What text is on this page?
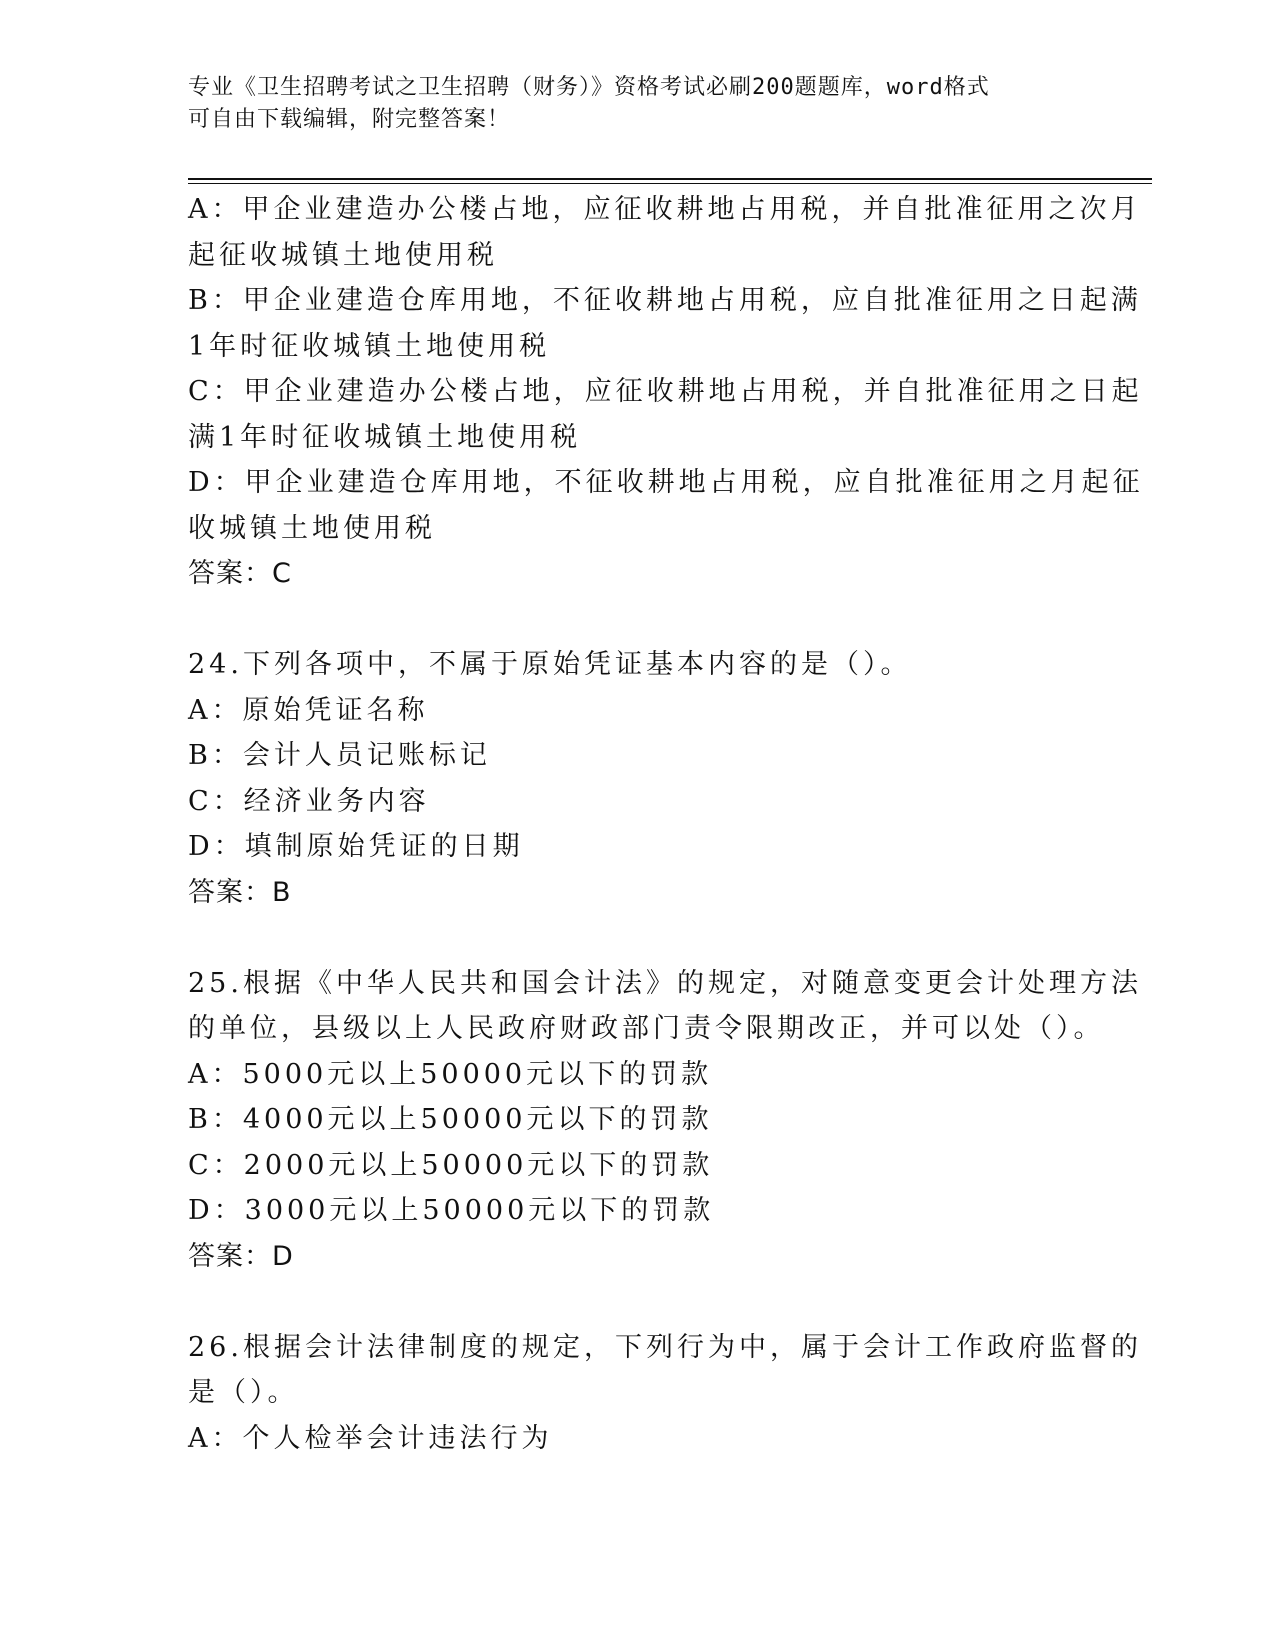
专业《卫生招聘考试之卫生招聘（财务）》资格考试必刷200题题库，word格式
可自由下载编辑，附完整答案！
A：甲企业建造办公楼占地，应征收耕地占用税，并自批准征用之次月
起征收城镇土地使用税
B：甲企业建造仓库用地，不征收耕地占用税，应自批准征用之日起满
1年时征收城镇土地使用税
C：甲企业建造办公楼占地，应征收耕地占用税，并自批准征用之日起
满1年时征收城镇土地使用税
D：甲企业建造仓库用地，不征收耕地占用税，应自批准征用之月起征
收城镇土地使用税
答案：C
24.下列各项中，不属于原始凭证基本内容的是（）。
A：原始凭证名称
B：会计人员记账标记
C：经济业务内容
D：填制原始凭证的日期
答案：B
25.根据《中华人民共和国会计法》的规定，对随意变更会计处理方法
的单位，县级以上人民政府财政部门责令限期改正，并可以处（）。
A：5000元以上50000元以下的罚款
B：4000元以上50000元以下的罚款
C：2000元以上50000元以下的罚款
D：3000元以上50000元以下的罚款
答案：D
26.根据会计法律制度的规定，下列行为中，属于会计工作政府监督的
是（）。
A：个人检举会计违法行为
